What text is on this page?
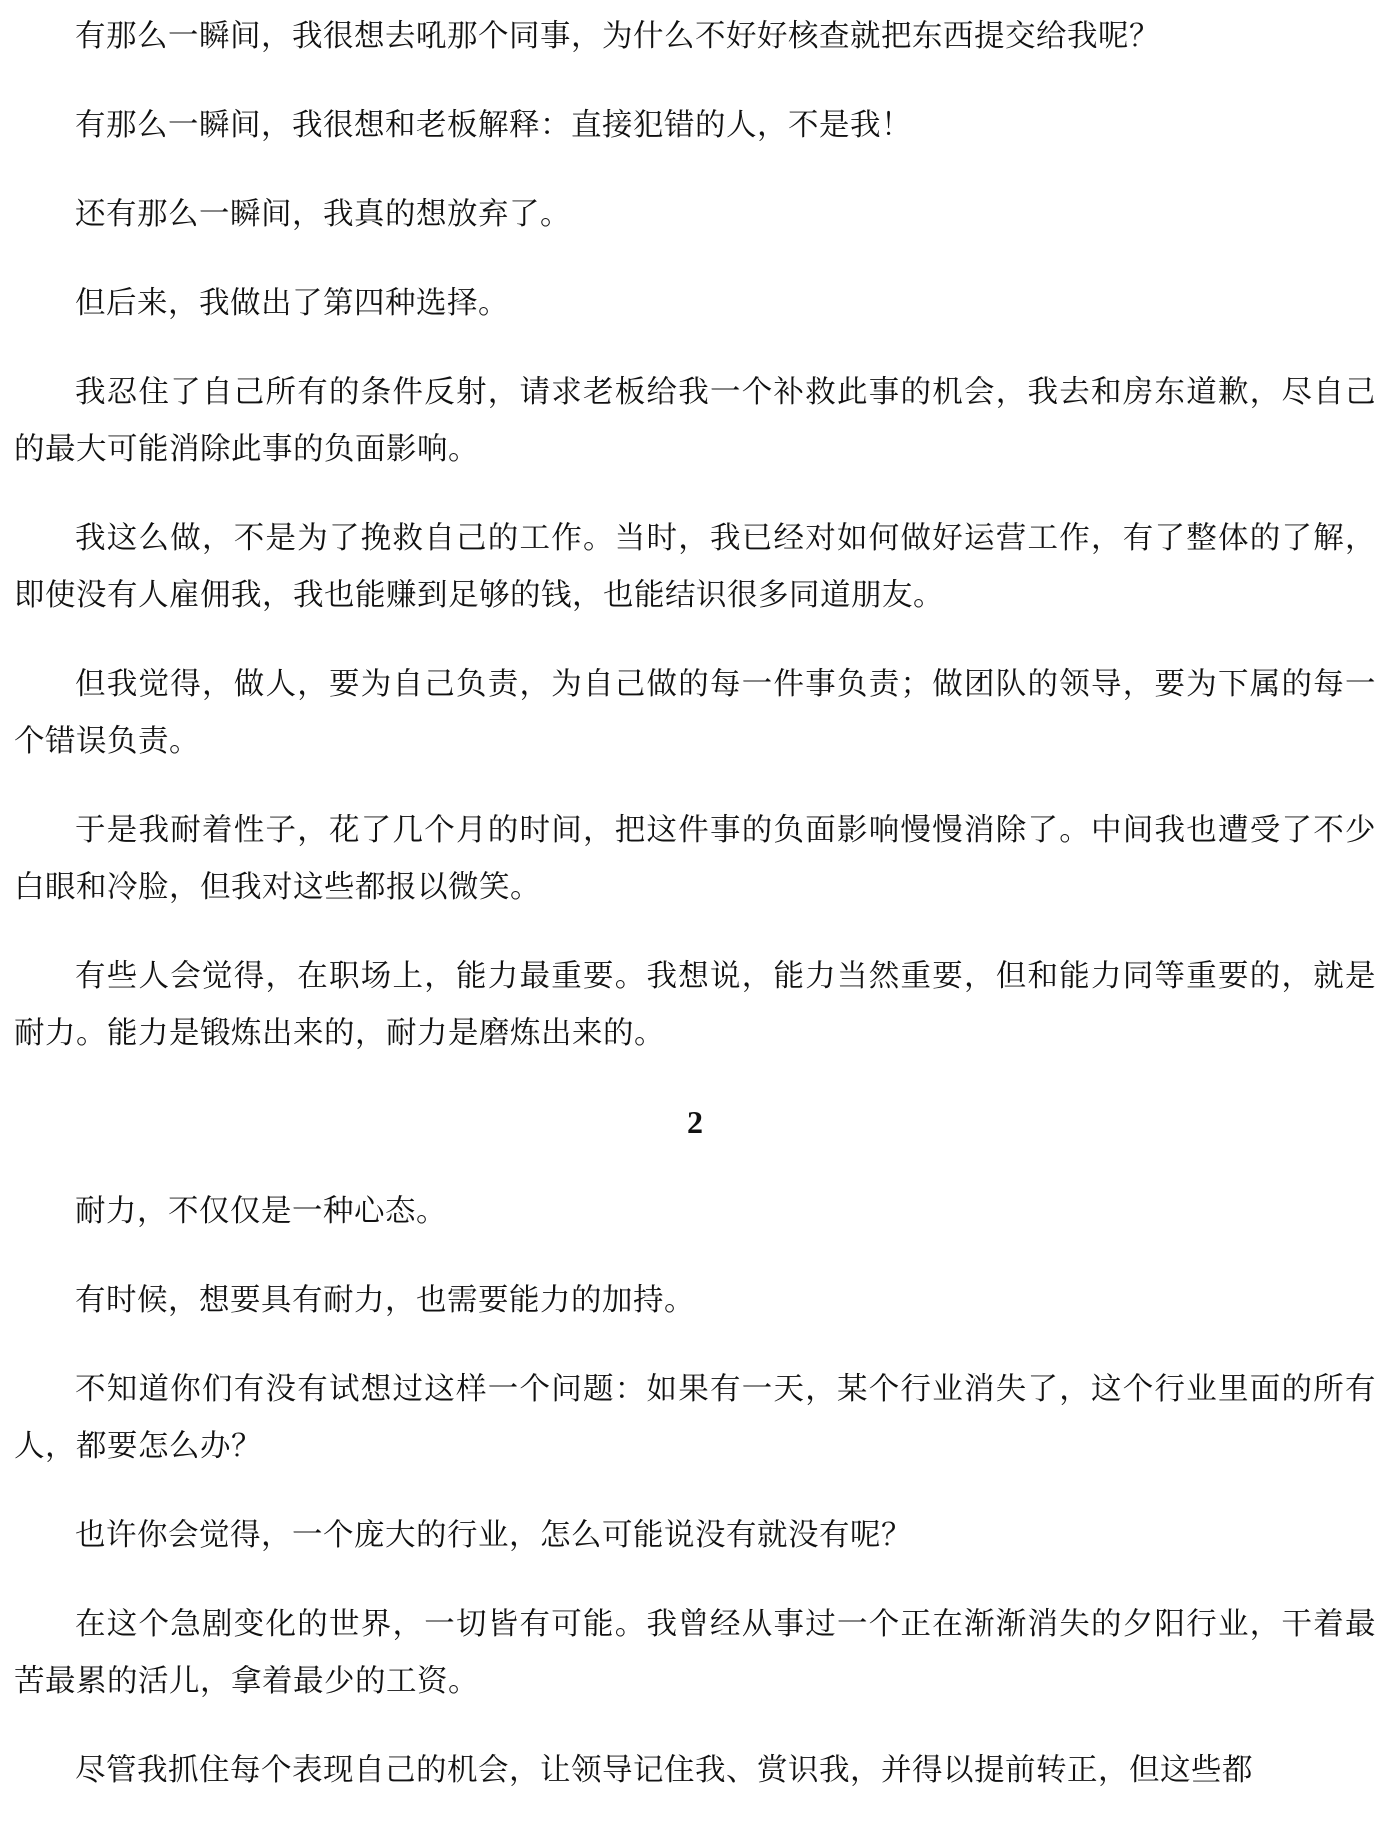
有那么一瞬间，我很想去吼那个同事，为什么不好好核查就把东西提交给我呢？

有那么一瞬间，我很想和老板解释：直接犯错的人，不是我！

还有那么一瞬间，我真的想放弃了。

但后来，我做出了第四种选择。

我忍住了自己所有的条件反射，请求老板给我一个补救此事的机会，我去和房东道歉，尽自己的最大可能消除此事的负面影响。

我这么做，不是为了挽救自己的工作。当时，我已经对如何做好运营工作，有了整体的了解，即使没有人雇佣我，我也能赚到足够的钱，也能结识很多同道朋友。

但我觉得，做人，要为自己负责，为自己做的每一件事负责；做团队的领导，要为下属的每一个错误负责。

于是我耐着性子，花了几个月的时间，把这件事的负面影响慢慢消除了。中间我也遭受了不少白眼和冷脸，但我对这些都报以微笑。

有些人会觉得，在职场上，能力最重要。我想说，能力当然重要，但和能力同等重要的，就是耐力。能力是锻炼出来的，耐力是磨炼出来的。

2

耐力，不仅仅是一种心态。

有时候，想要具有耐力，也需要能力的加持。

不知道你们有没有试想过这样一个问题：如果有一天，某个行业消失了，这个行业里面的所有人，都要怎么办？

也许你会觉得，一个庞大的行业，怎么可能说没有就没有呢？

在这个急剧变化的世界，一切皆有可能。我曾经从事过一个正在渐渐消失的夕阳行业，干着最苦最累的活儿，拿着最少的工资。

尽管我抓住每个表现自己的机会，让领导记住我、赏识我，并得以提前转正，但这些都
